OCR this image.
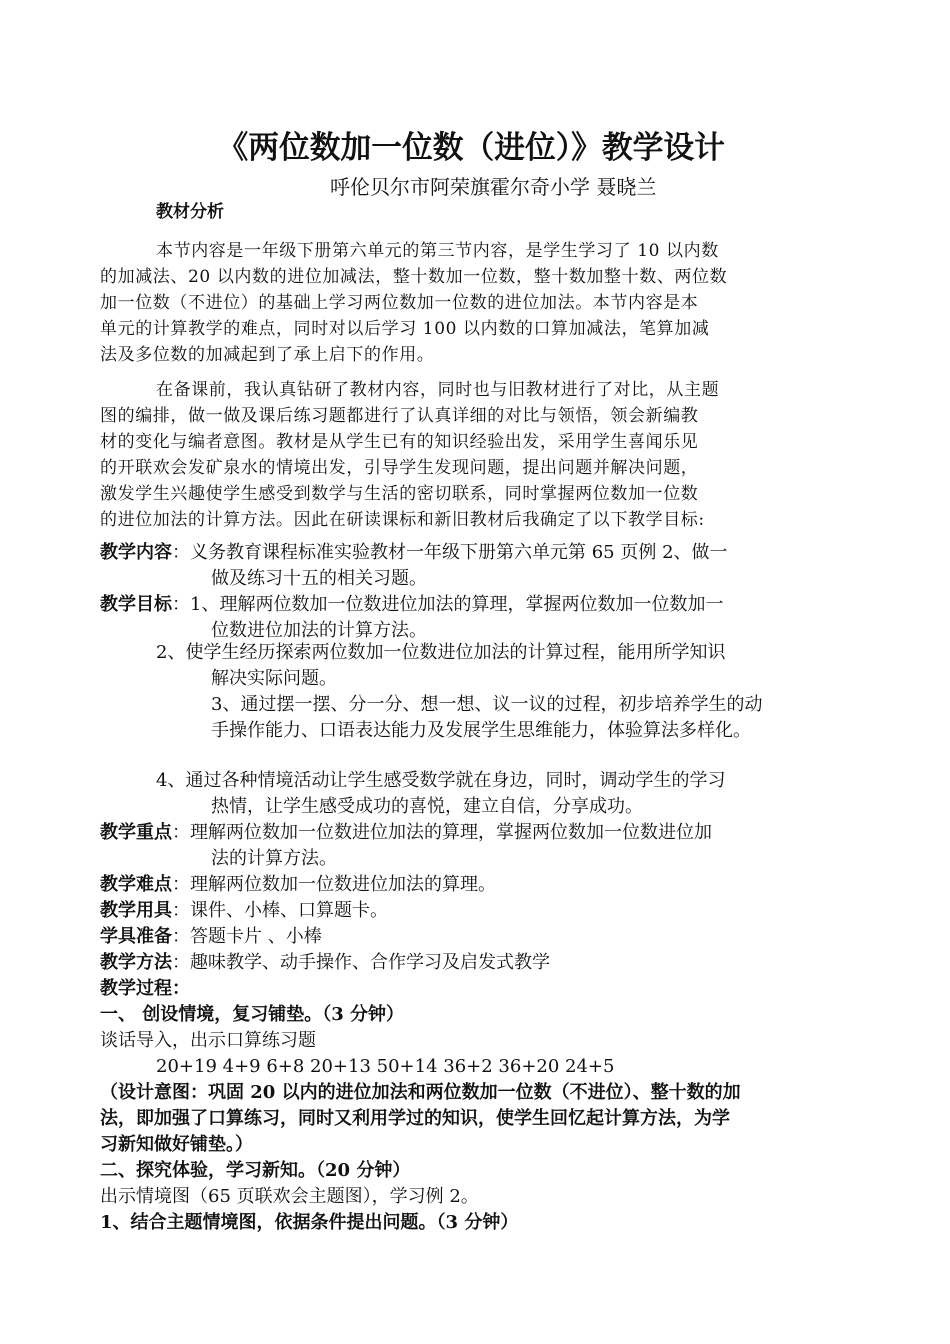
《两位数加一位数（进位）》教学设计
呼伦贝尔市阿荣旗霍尔奇小学 聂晓兰
教材分析
本节内容是一年级下册第六单元的第三节内容，是学生学习了 10 以内数
的加减法、20 以内数的进位加减法，整十数加一位数，整十数加整十数、两位数
加一位数（不进位）的基础上学习两位数加一位数的进位加法。本节内容是本
单元的计算教学的难点，同时对以后学习 100 以内数的口算加减法，笔算加减
法及多位数的加减起到了承上启下的作用。
在备课前，我认真钻研了教材内容，同时也与旧教材进行了对比，从主题
图的编排，做一做及课后练习题都进行了认真详细的对比与领悟，领会新编教
材的变化与编者意图。教材是从学生已有的知识经验出发，采用学生喜闻乐见
的开联欢会发矿泉水的情境出发，引导学生发现问题，提出问题并解决问题，
激发学生兴趣使学生感受到数学与生活的密切联系，同时掌握两位数加一位数
的进位加法的计算方法。因此在研读课标和新旧教材后我确定了以下教学目标:
教学内容：义务教育课程标准实验教材一年级下册第六单元第 65 页例 2、做一
做及练习十五的相关习题。
教学目标：1、理解两位数加一位数进位加法的算理，掌握两位数加一位数加一
位数进位加法的计算方法。
2、使学生经历探索两位数加一位数进位加法的计算过程，能用所学知识
解决实际问题。
3、通过摆一摆、分一分、想一想、议一议的过程，初步培养学生的动
手操作能力、口语表达能力及发展学生思维能力，体验算法多样化。
4、通过各种情境活动让学生感受数学就在身边，同时，调动学生的学习
热情，让学生感受成功的喜悦，建立自信，分享成功。
教学重点：理解两位数加一位数进位加法的算理，掌握两位数加一位数进位加
法的计算方法。
教学难点：理解两位数加一位数进位加法的算理。
教学用具：课件、小棒、口算题卡。
学具准备：答题卡片 、小棒
教学方法：趣味教学、动手操作、合作学习及启发式教学
教学过程：
一、 创设情境，复习铺垫。（3 分钟）
谈话导入，出示口算练习题
20+19 4+9 6+8 20+13 50+14 36+2 36+20 24+5
（设计意图：巩固 20 以内的进位加法和两位数加一位数（不进位）、整十数的加
法，即加强了口算练习，同时又利用学过的知识，使学生回忆起计算方法，为学
习新知做好铺垫。）
二、探究体验，学习新知。（20 分钟）
出示情境图（65 页联欢会主题图），学习例 2。
1、结合主题情境图，依据条件提出问题。（3 分钟）
